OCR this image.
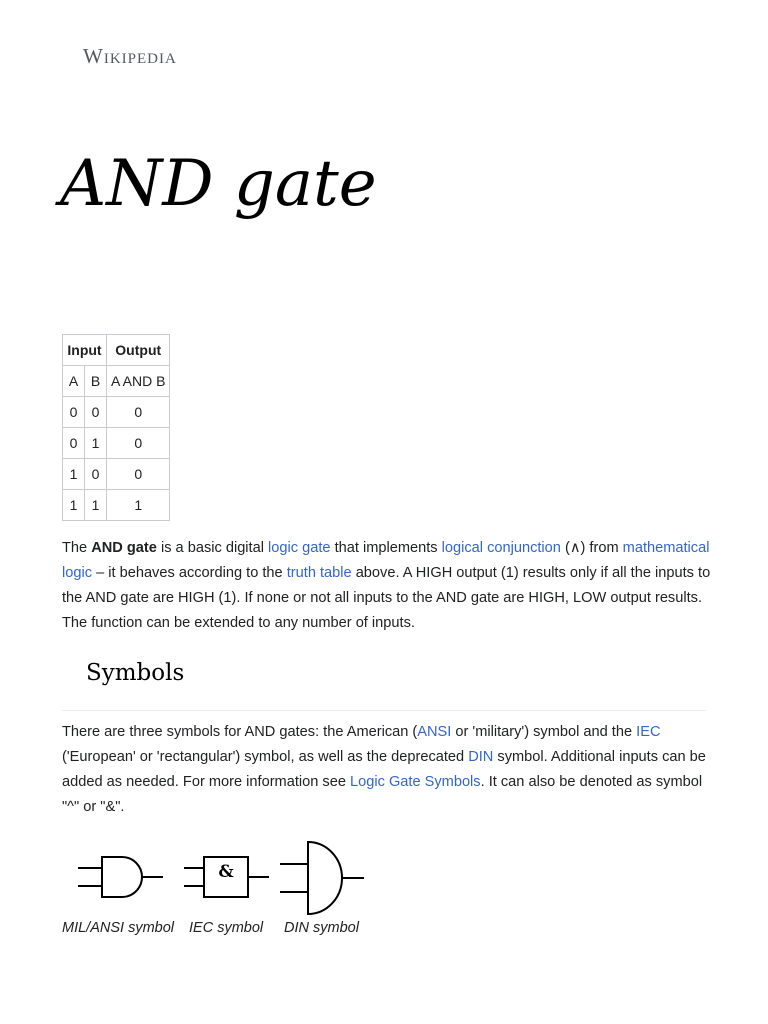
Wikipedia
AND gate
Input		Output
A	B	A AND B
0	0	0
0	1	0
1	0	0
1	1	1

The AND gate is a basic digital logic gate that implements logical conjunction (∧) from mathematical logic – it behaves according to the truth table above. A HIGH output (1) results only if all the inputs to the AND gate are HIGH (1). If none or not all inputs to the AND gate are HIGH, LOW output results. The function can be extended to any number of inputs.

Symbols

There are three symbols for AND gates: the American (ANSI or 'military') symbol and the IEC ('European' or 'rectangular') symbol, as well as the deprecated DIN symbol. Additional inputs can be added as needed. For more information see Logic Gate Symbols. It can also be denoted as symbol "^" or "&".

&
MIL/ANSI symbol IEC symbol DIN symbol
